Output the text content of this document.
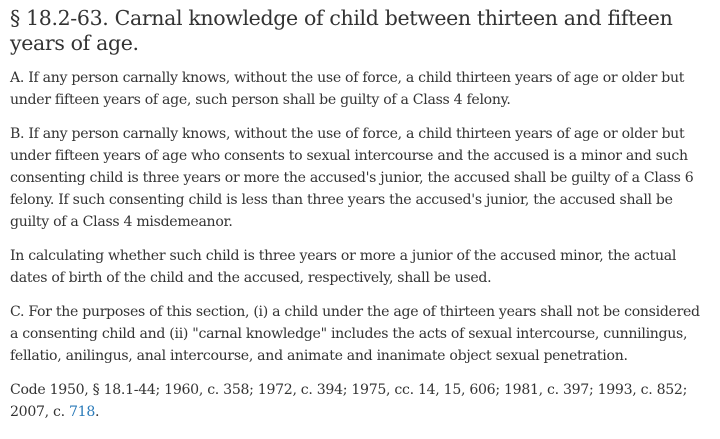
§ 18.2-63. Carnal knowledge of child between thirteen and fifteen years of age.

A. If any person carnally knows, without the use of force, a child thirteen years of age or older but under fifteen years of age, such person shall be guilty of a Class 4 felony.

B. If any person carnally knows, without the use of force, a child thirteen years of age or older but under fifteen years of age who consents to sexual intercourse and the accused is a minor and such consenting child is three years or more the accused's junior, the accused shall be guilty of a Class 6 felony. If such consenting child is less than three years the accused's junior, the accused shall be guilty of a Class 4 misdemeanor.

In calculating whether such child is three years or more a junior of the accused minor, the actual dates of birth of the child and the accused, respectively, shall be used.

C. For the purposes of this section, (i) a child under the age of thirteen years shall not be considered a consenting child and (ii) "carnal knowledge" includes the acts of sexual intercourse, cunnilingus, fellatio, anilingus, anal intercourse, and animate and inanimate object sexual penetration.

Code 1950, § 18.1-44; 1960, c. 358; 1972, c. 394; 1975, cc. 14, 15, 606; 1981, c. 397; 1993, c. 852; 2007, c. 718.
